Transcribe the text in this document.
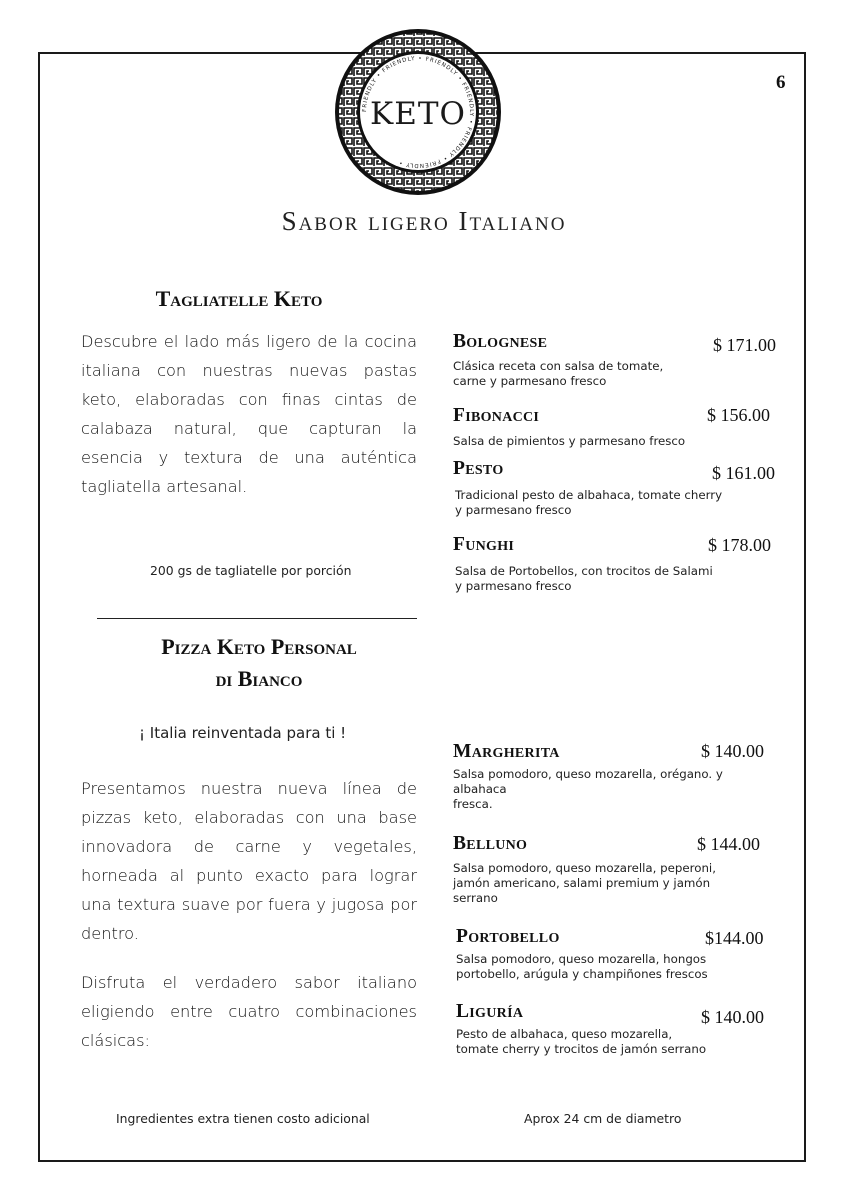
6
FRIENDLY • FRIENDLY • FRIENDLY • FRIENDLY • FRIENDLY • FRIENDLY •
KETO
Sabor ligero Italiano
Tagliatelle Keto
Descubre el lado más ligero de la cocina italiana con nuestras nuevas pastas keto, elaboradas con finas cintas de calabaza natural, que capturan la esencia y textura de una auténtica tagliatella artesanal.
200 gs de tagliatelle por porción
Bolognese	$ 171.00
Clásica receta con salsa de tomate,
carne y parmesano fresco
Fibonacci	$ 156.00
Salsa de pimientos y parmesano fresco
Pesto	$ 161.00
Tradicional pesto de albahaca, tomate cherry
y parmesano fresco
Funghi	$ 178.00
Salsa de Portobellos, con trocitos de Salami
y parmesano fresco
Pizza Keto Personal
di Bianco
¡ Italia reinventada para ti !
Presentamos nuestra nueva línea de pizzas keto, elaboradas con una base innovadora de carne y vegetales, horneada al punto exacto para lograr una textura suave por fuera y jugosa por dentro.
Disfruta el verdadero sabor italiano eligiendo entre cuatro combinaciones clásicas:
Margherita	$ 140.00
Salsa pomodoro, queso mozarella, orégano. y
albahaca
fresca.
Belluno	$ 144.00
Salsa pomodoro, queso mozarella, peperoni,
jamón americano, salami premium y jamón
serrano
Portobello	$144.00
Salsa pomodoro, queso mozarella, hongos
portobello, arúgula y champiñones frescos
Liguría	$ 140.00
Pesto de albahaca, queso mozarella,
tomate cherry y trocitos de jamón serrano
Ingredientes extra tienen costo adicional	Aprox 24 cm de diametro
